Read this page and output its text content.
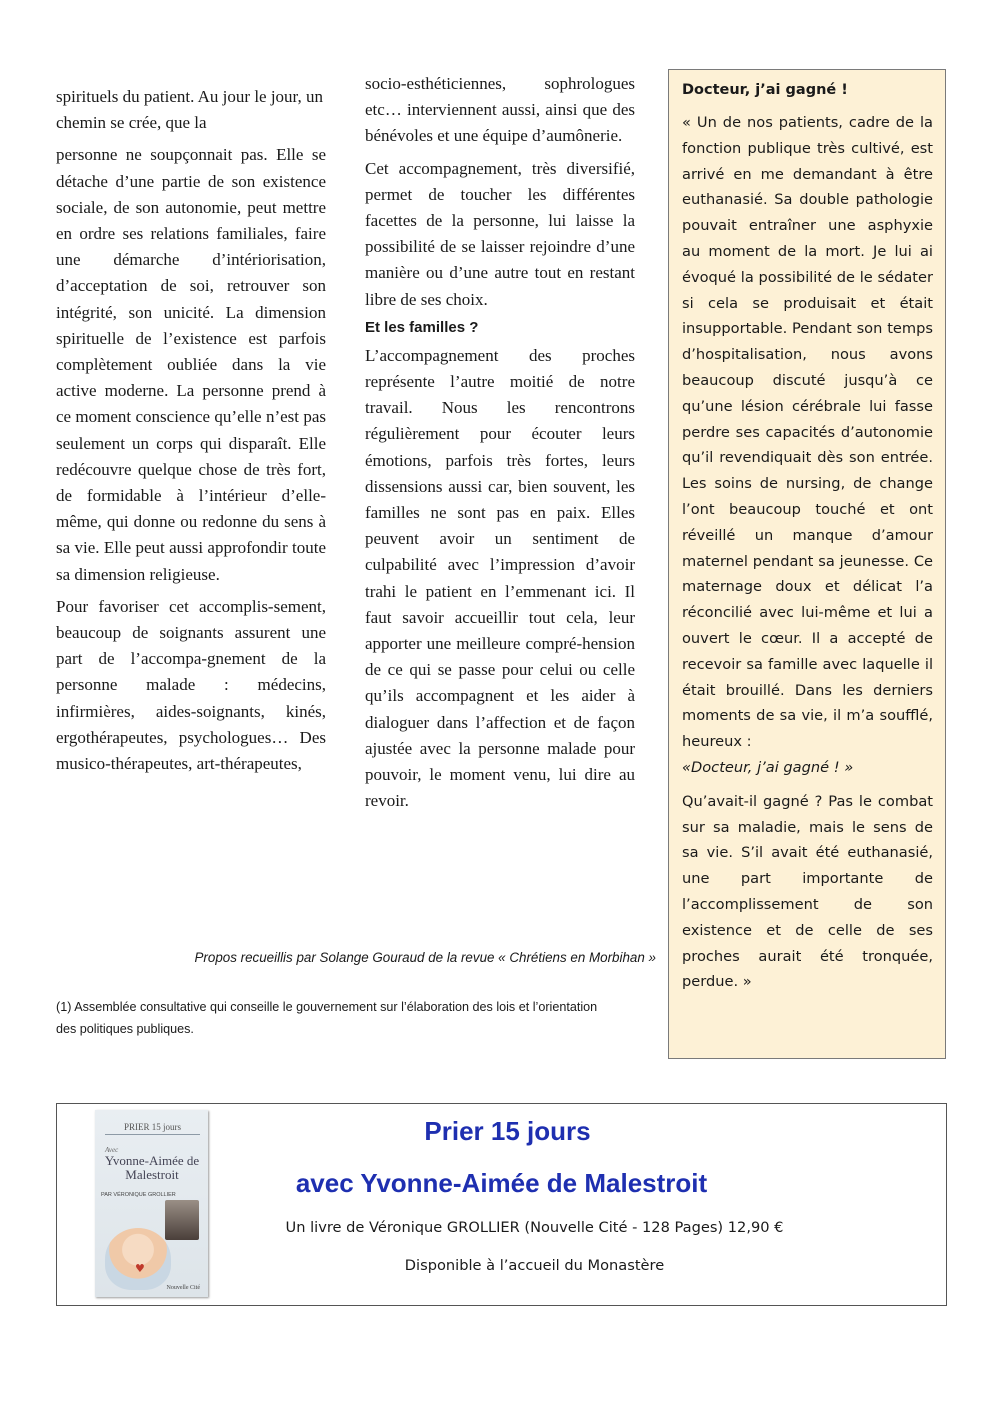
spirituels du patient. Au jour le jour, un chemin se crée, que la

personne ne soupçonnait pas. Elle se détache d’une partie de son existence sociale, de son autonomie, peut mettre en ordre ses relations familiales, faire une démarche d’intériorisation, d’acceptation de soi, retrouver son intégrité, son unicité. La dimension spirituelle de l’existence est parfois complètement oubliée dans la vie active moderne. La personne prend à ce moment conscience qu’elle n’est pas seulement un corps qui disparaît. Elle redécouvre quelque chose de très fort, de formidable à l’intérieur d’elle-même, qui donne ou redonne du sens à sa vie. Elle peut aussi approfondir toute sa dimension religieuse.

Pour favoriser cet accomplis-sement, beaucoup de soignants assurent une part de l’accompa-gnement de la personne malade : médecins, infirmières, aides-soignants, kinés, ergothérapeutes, psychologues… Des musico-thérapeutes, art-thérapeutes,

socio-esthéticiennes, sophrologues etc… interviennent aussi, ainsi que des bénévoles et une équipe d’aumônerie.

Cet accompagnement, très diversifié, permet de toucher les différentes facettes de la personne, lui laisse la possibilité de se laisser rejoindre d’une manière ou d’une autre tout en restant libre de ses choix.

Et les familles ?

L’accompagnement des proches représente l’autre moitié de notre travail. Nous les rencontrons régulièrement pour écouter leurs émotions, parfois très fortes, leurs dissensions aussi car, bien souvent, les familles ne sont pas en paix. Elles peuvent avoir un sentiment de culpabilité avec l’impression d’avoir trahi le patient en l’emmenant ici. Il faut savoir accueillir tout cela, leur apporter une meilleure compré-hension de ce qui se passe pour celui ou celle qu’ils accompagnent et les aider à dialoguer dans l’affection et de façon ajustée avec la personne malade pour pouvoir, le moment venu, lui dire au revoir.

Propos recueillis par Solange Gouraud de la revue « Chrétiens en Morbihan »
(1) Assemblée consultative qui conseille le gouvernement sur l’élaboration des lois et l’orientation des politiques publiques.
Docteur, j’ai gagné !

« Un de nos patients, cadre de la fonction publique très cultivé, est arrivé en me demandant à être euthanasié. Sa double pathologie pouvait entraîner une asphyxie au moment de la mort. Je lui ai évoqué la possibilité de le sédater si cela se produisait et était insupportable. Pendant son temps d’hospitalisation, nous avons beaucoup discuté jusqu’à ce qu’une lésion cérébrale lui fasse perdre ses capacités d’autonomie qu’il revendiquait dès son entrée. Les soins de nursing, de change l’ont beaucoup touché et ont réveillé un manque d’amour maternel pendant sa jeunesse. Ce maternage doux et délicat l’a réconcilié avec lui-même et lui a ouvert le cœur. Il a accepté de recevoir sa famille avec laquelle il était brouillé. Dans les derniers moments de sa vie, il m’a soufflé, heureux :
«Docteur, j’ai gagné ! »

Qu’avait-il gagné ? Pas le combat sur sa maladie, mais le sens de sa vie. S’il avait été euthanasié, une part importante de l’accomplissement de son existence et de celle de ses proches aurait été tronquée, perdue. »

PRIER 15 jours
Avec
Yvonne-Aimée de Malestroit
PAR VÉRONIQUE GROLLIER
♥
Nouvelle Cité
Prier 15 jours
avec Yvonne-Aimée de Malestroit
Un livre de Véronique GROLLIER (Nouvelle Cité - 128 Pages) 12,90 €
Disponible à l’accueil du Monastère
